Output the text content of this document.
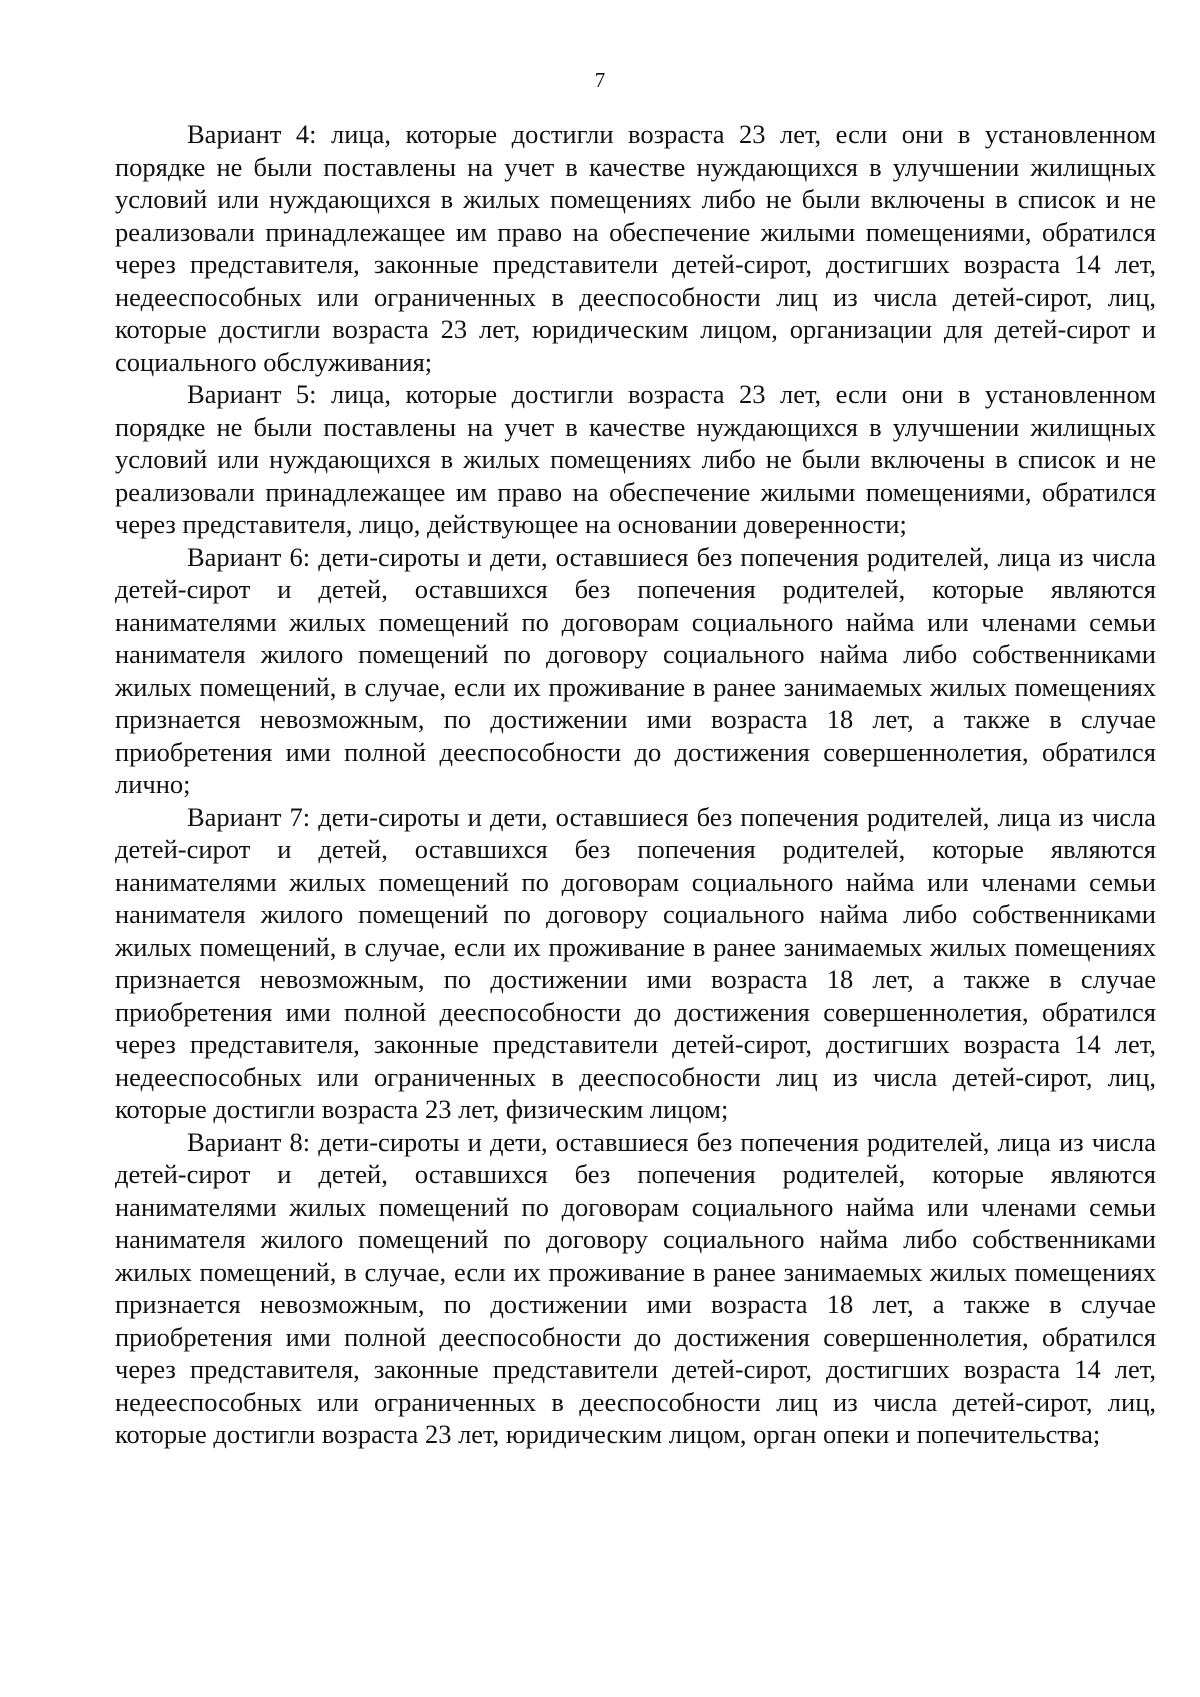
7

Вариант 4: лица, которые достигли возраста 23 лет, если они в установленном порядке не были поставлены на учет в качестве нуждающихся в улучшении жилищных условий или нуждающихся в жилых помещениях либо не были включены в список и не реализовали принадлежащее им право на обеспечение жилыми помещениями, обратился через представителя, законные представители детей-сирот, достигших возраста 14 лет, недееспособных или ограниченных в дееспособности лиц из числа детей-сирот, лиц, которые достигли возраста 23 лет, юридическим лицом, организации для детей-сирот и социального обслуживания;

Вариант 5: лица, которые достигли возраста 23 лет, если они в установленном порядке не были поставлены на учет в качестве нуждающихся в улучшении жилищных условий или нуждающихся в жилых помещениях либо не были включены в список и не реализовали принадлежащее им право на обеспечение жилыми помещениями, обратился через представителя, лицо, действующее на основании доверенности;

Вариант 6: дети-сироты и дети, оставшиеся без попечения родителей, лица из числа детей-сирот и детей, оставшихся без попечения родителей, которые являются нанимателями жилых помещений по договорам социального найма или членами семьи нанимателя жилого помещений по договору социального найма либо собственниками жилых помещений, в случае, если их проживание в ранее занимаемых жилых помещениях признается невозможным, по достижении ими возраста 18 лет, а также в случае приобретения ими полной дееспособности до достижения совершеннолетия, обратился лично;

Вариант 7: дети-сироты и дети, оставшиеся без попечения родителей, лица из числа детей-сирот и детей, оставшихся без попечения родителей, которые являются нанимателями жилых помещений по договорам социального найма или членами семьи нанимателя жилого помещений по договору социального найма либо собственниками жилых помещений, в случае, если их проживание в ранее занимаемых жилых помещениях признается невозможным, по достижении ими возраста 18 лет, а также в случае приобретения ими полной дееспособности до достижения совершеннолетия, обратился через представителя, законные представители детей-сирот, достигших возраста 14 лет, недееспособных или ограниченных в дееспособности лиц из числа детей-сирот, лиц, которые достигли возраста 23 лет, физическим лицом;

Вариант 8: дети-сироты и дети, оставшиеся без попечения родителей, лица из числа детей-сирот и детей, оставшихся без попечения родителей, которые являются нанимателями жилых помещений по договорам социального найма или членами семьи нанимателя жилого помещений по договору социального найма либо собственниками жилых помещений, в случае, если их проживание в ранее занимаемых жилых помещениях признается невозможным, по достижении ими возраста 18 лет, а также в случае приобретения ими полной дееспособности до достижения совершеннолетия, обратился через представителя, законные представители детей-сирот, достигших возраста 14 лет, недееспособных или ограниченных в дееспособности лиц из числа детей-сирот, лиц, которые достигли возраста 23 лет, юридическим лицом, орган опеки и попечительства;
